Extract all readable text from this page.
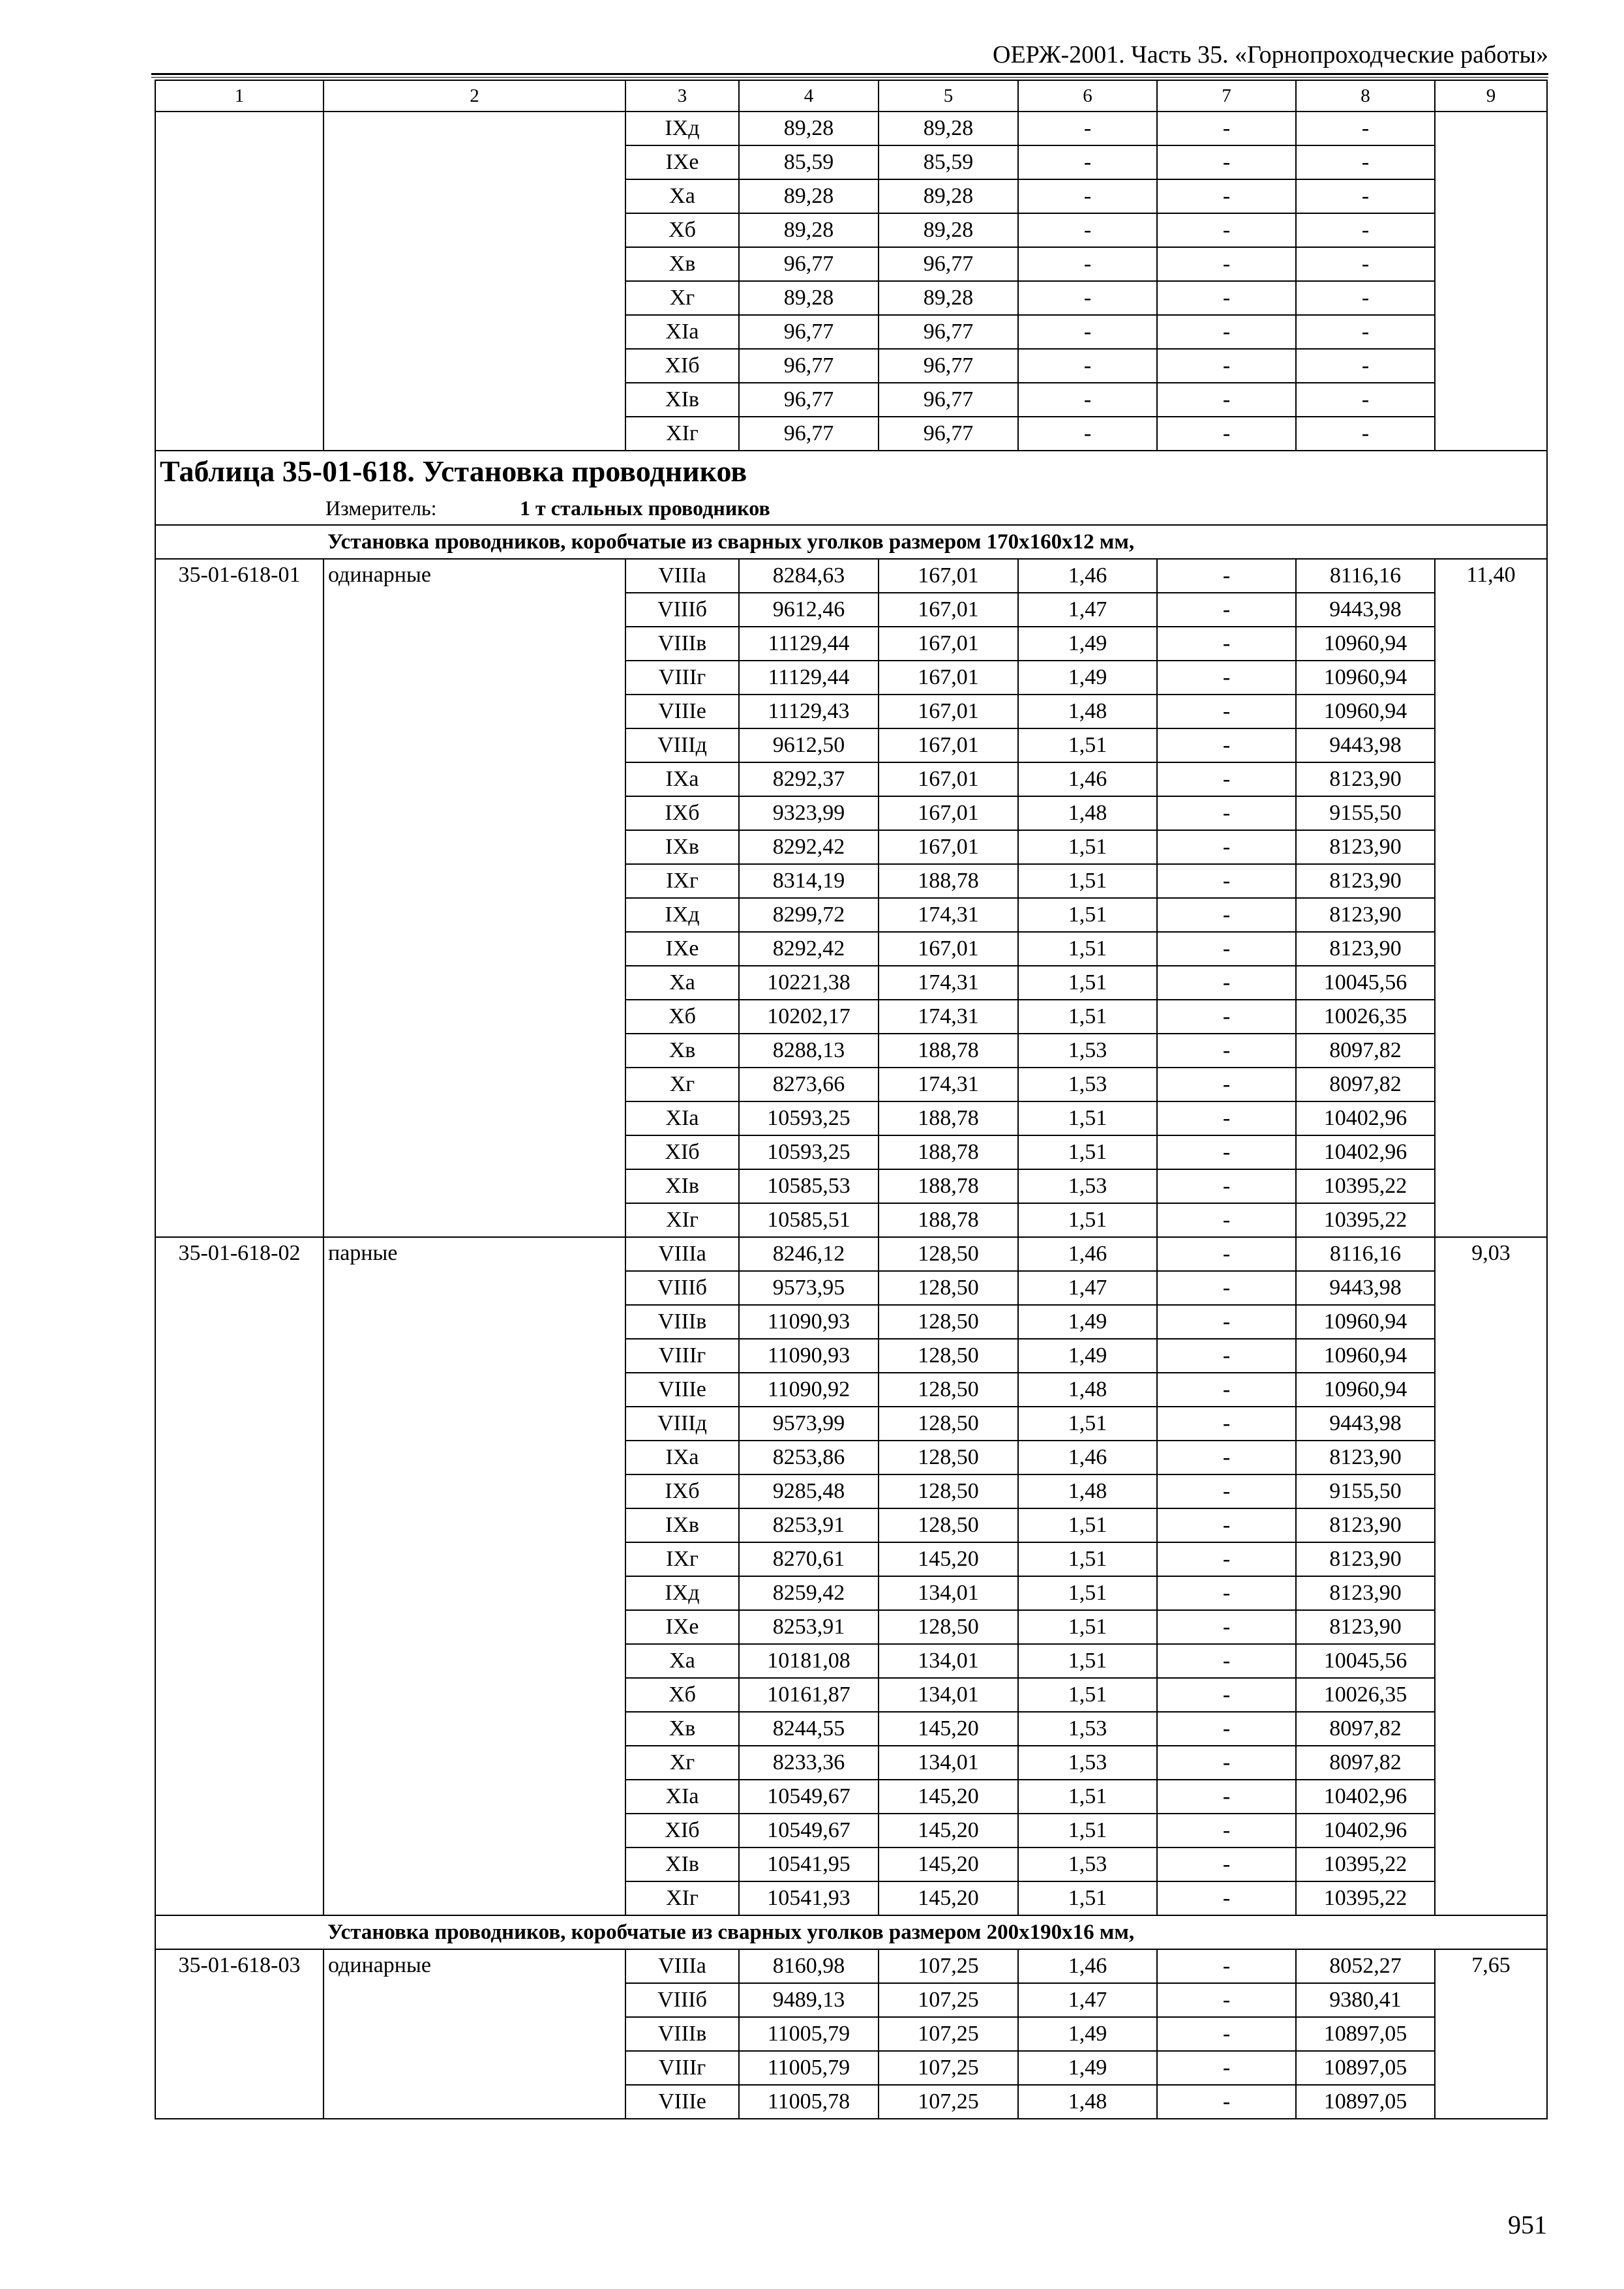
ОЕРЖ-2001. Часть 35. «Горнопроходческие работы»
1	2	3	4	5	6	7	8	9
		IXд	89,28	89,28	-	-	-	
		IXе	85,59	85,59	-	-	-	
		Xа	89,28	89,28	-	-	-	
		Xб	89,28	89,28	-	-	-	
		Xв	96,77	96,77	-	-	-	
		Xг	89,28	89,28	-	-	-	
		XIа	96,77	96,77	-	-	-	
		XIб	96,77	96,77	-	-	-	
		XIв	96,77	96,77	-	-	-	
		XIг	96,77	96,77	-	-	-	
Таблица 35-01-618. Установка проводников								
Измеритель: 1 т стальных проводников								
Установка проводников, коробчатые из сварных уголков размером 170х160х12 мм,								
35-01-618-01	одинарные	VIIIа	8284,63	167,01	1,46	-	8116,16	11,40
		VIIIб	9612,46	167,01	1,47	-	9443,98	
		VIIIв	11129,44	167,01	1,49	-	10960,94	
		VIIIг	11129,44	167,01	1,49	-	10960,94	
		VIIIе	11129,43	167,01	1,48	-	10960,94	
		VIIIд	9612,50	167,01	1,51	-	9443,98	
		IXа	8292,37	167,01	1,46	-	8123,90	
		IXб	9323,99	167,01	1,48	-	9155,50	
		IXв	8292,42	167,01	1,51	-	8123,90	
		IXг	8314,19	188,78	1,51	-	8123,90	
		IXд	8299,72	174,31	1,51	-	8123,90	
		IXе	8292,42	167,01	1,51	-	8123,90	
		Xа	10221,38	174,31	1,51	-	10045,56	
		Xб	10202,17	174,31	1,51	-	10026,35	
		Xв	8288,13	188,78	1,53	-	8097,82	
		Xг	8273,66	174,31	1,53	-	8097,82	
		XIа	10593,25	188,78	1,51	-	10402,96	
		XIб	10593,25	188,78	1,51	-	10402,96	
		XIв	10585,53	188,78	1,53	-	10395,22	
		XIг	10585,51	188,78	1,51	-	10395,22	
35-01-618-02	парные	VIIIа	8246,12	128,50	1,46	-	8116,16	9,03
		VIIIб	9573,95	128,50	1,47	-	9443,98	
		VIIIв	11090,93	128,50	1,49	-	10960,94	
		VIIIг	11090,93	128,50	1,49	-	10960,94	
		VIIIе	11090,92	128,50	1,48	-	10960,94	
		VIIIд	9573,99	128,50	1,51	-	9443,98	
		IXа	8253,86	128,50	1,46	-	8123,90	
		IXб	9285,48	128,50	1,48	-	9155,50	
		IXв	8253,91	128,50	1,51	-	8123,90	
		IXг	8270,61	145,20	1,51	-	8123,90	
		IXд	8259,42	134,01	1,51	-	8123,90	
		IXе	8253,91	128,50	1,51	-	8123,90	
		Xа	10181,08	134,01	1,51	-	10045,56	
		Xб	10161,87	134,01	1,51	-	10026,35	
		Xв	8244,55	145,20	1,53	-	8097,82	
		Xг	8233,36	134,01	1,53	-	8097,82	
		XIа	10549,67	145,20	1,51	-	10402,96	
		XIб	10549,67	145,20	1,51	-	10402,96	
		XIв	10541,95	145,20	1,53	-	10395,22	
		XIг	10541,93	145,20	1,51	-	10395,22	
Установка проводников, коробчатые из сварных уголков размером 200х190х16 мм,								
35-01-618-03	одинарные	VIIIа	8160,98	107,25	1,46	-	8052,27	7,65
		VIIIб	9489,13	107,25	1,47	-	9380,41	
		VIIIв	11005,79	107,25	1,49	-	10897,05	
		VIIIг	11005,79	107,25	1,49	-	10897,05	
		VIIIе	11005,78	107,25	1,48	-	10897,05	
951
